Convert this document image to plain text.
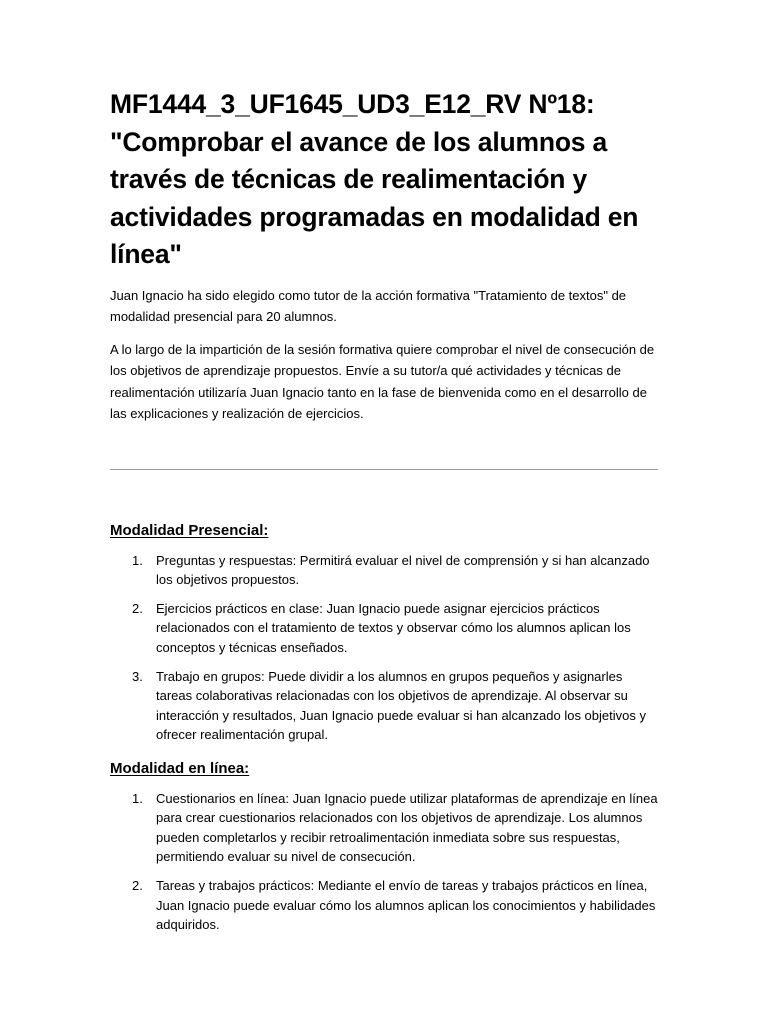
MF1444_3_UF1645_UD3_E12_RV Nº18: "Comprobar el avance de los alumnos a través de técnicas de realimentación y actividades programadas en modalidad en línea"

Juan Ignacio ha sido elegido como tutor de la acción formativa "Tratamiento de textos" de modalidad presencial para 20 alumnos.

A lo largo de la impartición de la sesión formativa quiere comprobar el nivel de consecución de los objetivos de aprendizaje propuestos. Envíe a su tutor/a qué actividades y técnicas de realimentación utilizaría Juan Ignacio tanto en la fase de bienvenida como en el desarrollo de las explicaciones y realización de ejercicios.

Modalidad Presencial:
1. Preguntas y respuestas: Permitirá evaluar el nivel de comprensión y si han alcanzado los objetivos propuestos.
2. Ejercicios prácticos en clase: Juan Ignacio puede asignar ejercicios prácticos relacionados con el tratamiento de textos y observar cómo los alumnos aplican los conceptos y técnicas enseñados.
3. Trabajo en grupos: Puede dividir a los alumnos en grupos pequeños y asignarles tareas colaborativas relacionadas con los objetivos de aprendizaje. Al observar su interacción y resultados, Juan Ignacio puede evaluar si han alcanzado los objetivos y ofrecer realimentación grupal.
Modalidad en línea:
1. Cuestionarios en línea: Juan Ignacio puede utilizar plataformas de aprendizaje en línea para crear cuestionarios relacionados con los objetivos de aprendizaje. Los alumnos pueden completarlos y recibir retroalimentación inmediata sobre sus respuestas, permitiendo evaluar su nivel de consecución.
2. Tareas y trabajos prácticos: Mediante el envío de tareas y trabajos prácticos en línea, Juan Ignacio puede evaluar cómo los alumnos aplican los conocimientos y habilidades adquiridos.
